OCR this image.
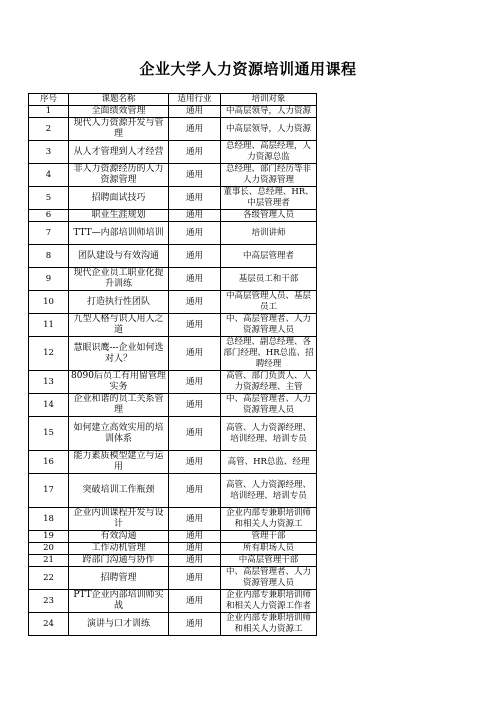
企业大学人力资源培训通用课程
序号	课题名称	适用行业	培训对象
1	全面绩效管理	通用	中高层领导，人力资源
2	现代人力资源开发与管理	通用	中高层领导，人力资源
3	从人才管理到人才经营	通用	总经理、高层经理，人力资源总监
4	非人力资源经历的人力资源管理	通用	总经理、部门经历等非人力资源管理
5	招聘面试技巧	通用	董事长、总经理、HR、中层管理者
6	职业生涯规划	通用	各级管理人员
7	TTT—内部培训师培训	通用	培训讲师
8	团队建设与有效沟通	通用	中高层管理者
9	现代企业员工职业化提升训练	通用	基层员工和干部
10	打造执行性团队	通用	中高层管理人员、基层员工
11	九型人格与识人用人之道	通用	中、高层管理者、人力资源管理人员
12	慧眼识鹰---企业如何选对人？	通用	总经理、副总经理、各部门经理、HR总监、招聘经理
13	8090后员工有用留管理实务	通用	高管、部门负责人、人力资源经理、主管
14	企业和谐的员工关系管理	通用	中、高层管理者、人力资源管理人员
15	如何建立高效实用的培训体系	通用	高管、人力资源经理、培训经理、培训专员
16	能力素质模型建立与运用	通用	高管、HR总监、经理
17	突破培训工作瓶颈	通用	高管、人力资源经理、培训经理、培训专员
18	企业内训课程开发与设计	通用	企业内部专兼职培训师和相关人力资源工
19	有效沟通	通用	管理干部
20	工作动机管理	通用	所有职场人员
21	跨部门沟通与协作	通用	中高层管理干部
22	招聘管理	通用	中、高层管理者、人力资源管理人员
23	PTT企业内部培训师实战	通用	企业内部专兼职培训师和相关人力资源工作者
24	演讲与口才训练	通用	企业内部专兼职培训师和相关人力资源工
